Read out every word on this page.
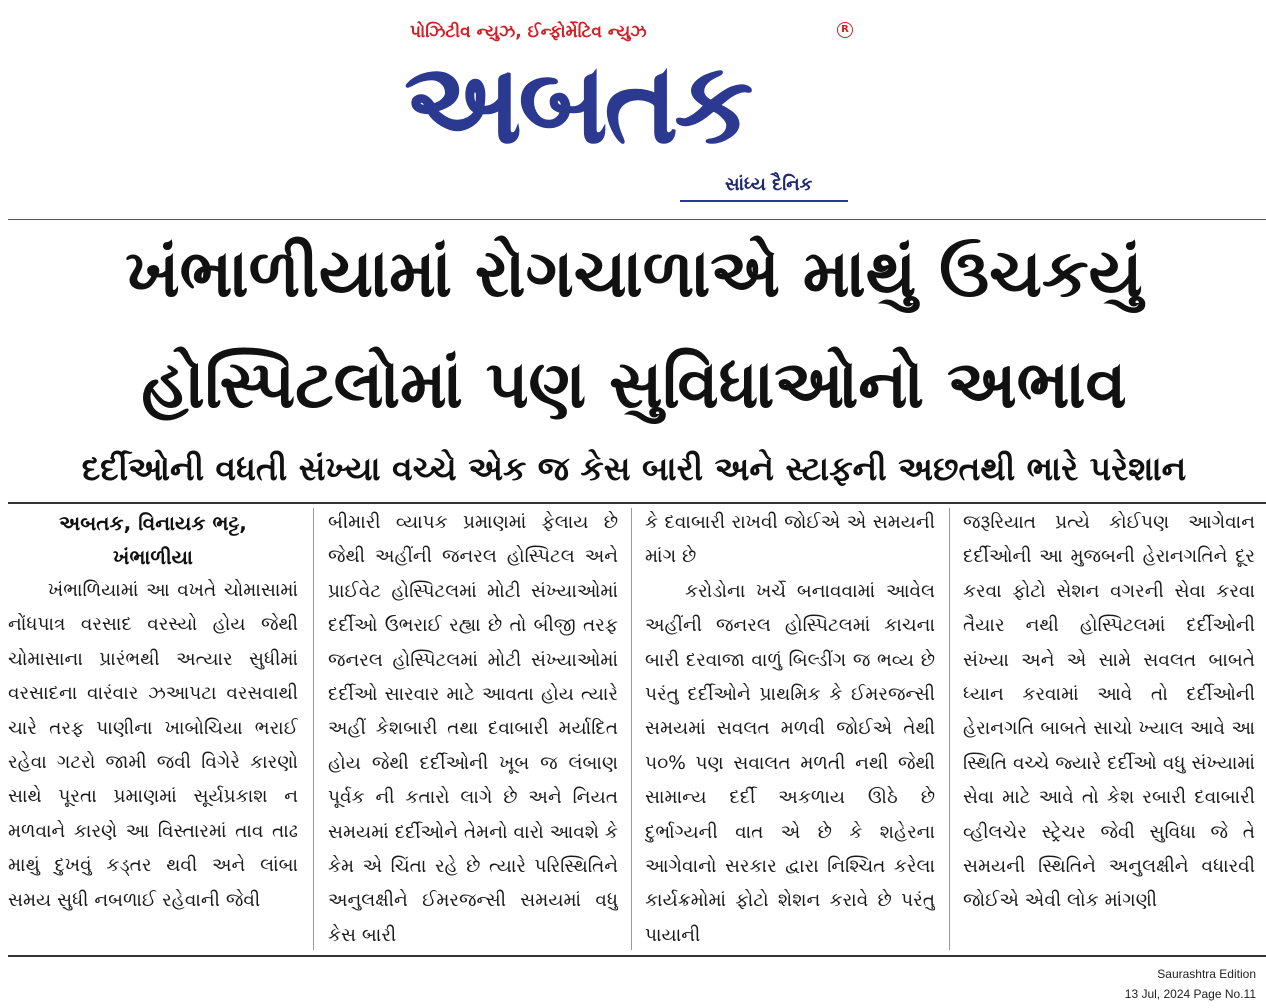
પોઝિટીવ ન્યુઝ, ઈન્ફોર્મેટિવ ન્યુઝ	R
અબતક
સાંધ્ય દૈનિક
ખંભાળીયામાં રોગચાળાએ માથું ઉચકયું
હોસ્પિટલોમાં પણ સુવિધાઓનો અભાવ
દર્દીઓની વધતી સંખ્યા વચ્ચે એક જ કેસ બારી અને સ્ટાફની અછતથી ભારે પરેશાન
અબતક, વિનાયક ભટ્ટ,
ખંભાળીયા

ખંભાળિયામાં આ વખતે ચોમાસામાં નોંધપાત્ર વરસાદ વરસ્યો હોય જેથી ચોમાસાના પ્રારંભથી અત્યાર સુધીમાં વરસાદના વારંવાર ઝઆપટા વરસવાથી ચારે તરફ પાણીના ખાબોચિયા ભરાઈ રહેવા ગટરો જામી જવી વિગેરે કારણો સાથે પૂરતા પ્રમાણમાં સૂર્યપ્રકાશ ન મળવાને કારણે આ વિસ્તારમાં તાવ તાઢ માથું દુખવું કડ્તર થવી અને લાંબા સમય સુધી નબળાઈ રહેવાની જેવી

બીમારી વ્યાપક પ્રમાણમાં ફેલાય છે જેથી અહીંની જનરલ હોસ્પિટલ અને પ્રાઈવેટ હોસ્પિટલમાં મોટી સંખ્યાઓમાં દર્દીઓ ઉભરાઈ રહ્યા છે તો બીજી તરફ જનરલ હોસ્પિટલમાં મોટી સંખ્યાઓમાં દર્દીઓ સારવાર માટે આવતા હોય ત્યારે અહીં કેશબારી તથા દવાબારી મર્યાદિત હોય જેથી દર્દીઓની ખૂબ જ લંબાણ પૂર્વક ની કતારો લાગે છે અને નિયત સમયમાં દર્દીઓને તેમનો વારો આવશે કે કેમ એ ચિંતા રહે છે ત્યારે પરિસ્થિતિને અનુલક્ષીને ઈમરજન્સી સમયમાં વધુ કેસ બારી

કે દવાબારી રાખવી જોઈએ એ સમયની માંગ છે

કરોડોના ખર્ચે બનાવવામાં આવેલ અહીંની જનરલ હોસ્પિટલમાં કાચના બારી દરવાજા વાળું બિલ્ડીંગ જ ભવ્ય છે પરંતુ દર્દીઓને પ્રાથમિક કે ઈમરજન્સી સમયમાં સવલત મળવી જોઈએ તેથી ૫૦% પણ સવાલત મળતી નથી જેથી સામાન્ય દર્દી અકળાય ઊઠે છે દુર્ભાગ્યની વાત એ છે કે શહેરના આગેવાનો સરકાર દ્વારા નિશ્ચિત કરેલા કાર્યક્રમોમાં ફોટો શેશન કરાવે છે પરંતુ પાયાની

જરૂરિયાત પ્રત્યે કોઈપણ આગેવાન દર્દીઓની આ મુજબની હેરાનગતિને દૂર કરવા ફોટો સેશન વગરની સેવા કરવા તૈયાર નથી હોસ્પિટલમાં દર્દીઓની સંખ્યા અને એ સામે સવલત બાબતે ધ્યાન કરવામાં આવે તો દર્દીઓની હેરાનગતિ બાબતે સાચો ખ્યાલ આવે આ સ્થિતિ વચ્ચે જ્યારે દર્દીઓ વધુ સંખ્યામાં સેવા માટે આવે તો કેશ રબારી દવાબારી વ્હીલચેર સ્ટ્રેચર જેવી સુવિધા જે તે સમયની સ્થિતિને અનુલક્ષીને વધારવી જોઈએ એવી લોક માંગણી

Saurashtra Edition
13 Jul, 2024 Page No.11
